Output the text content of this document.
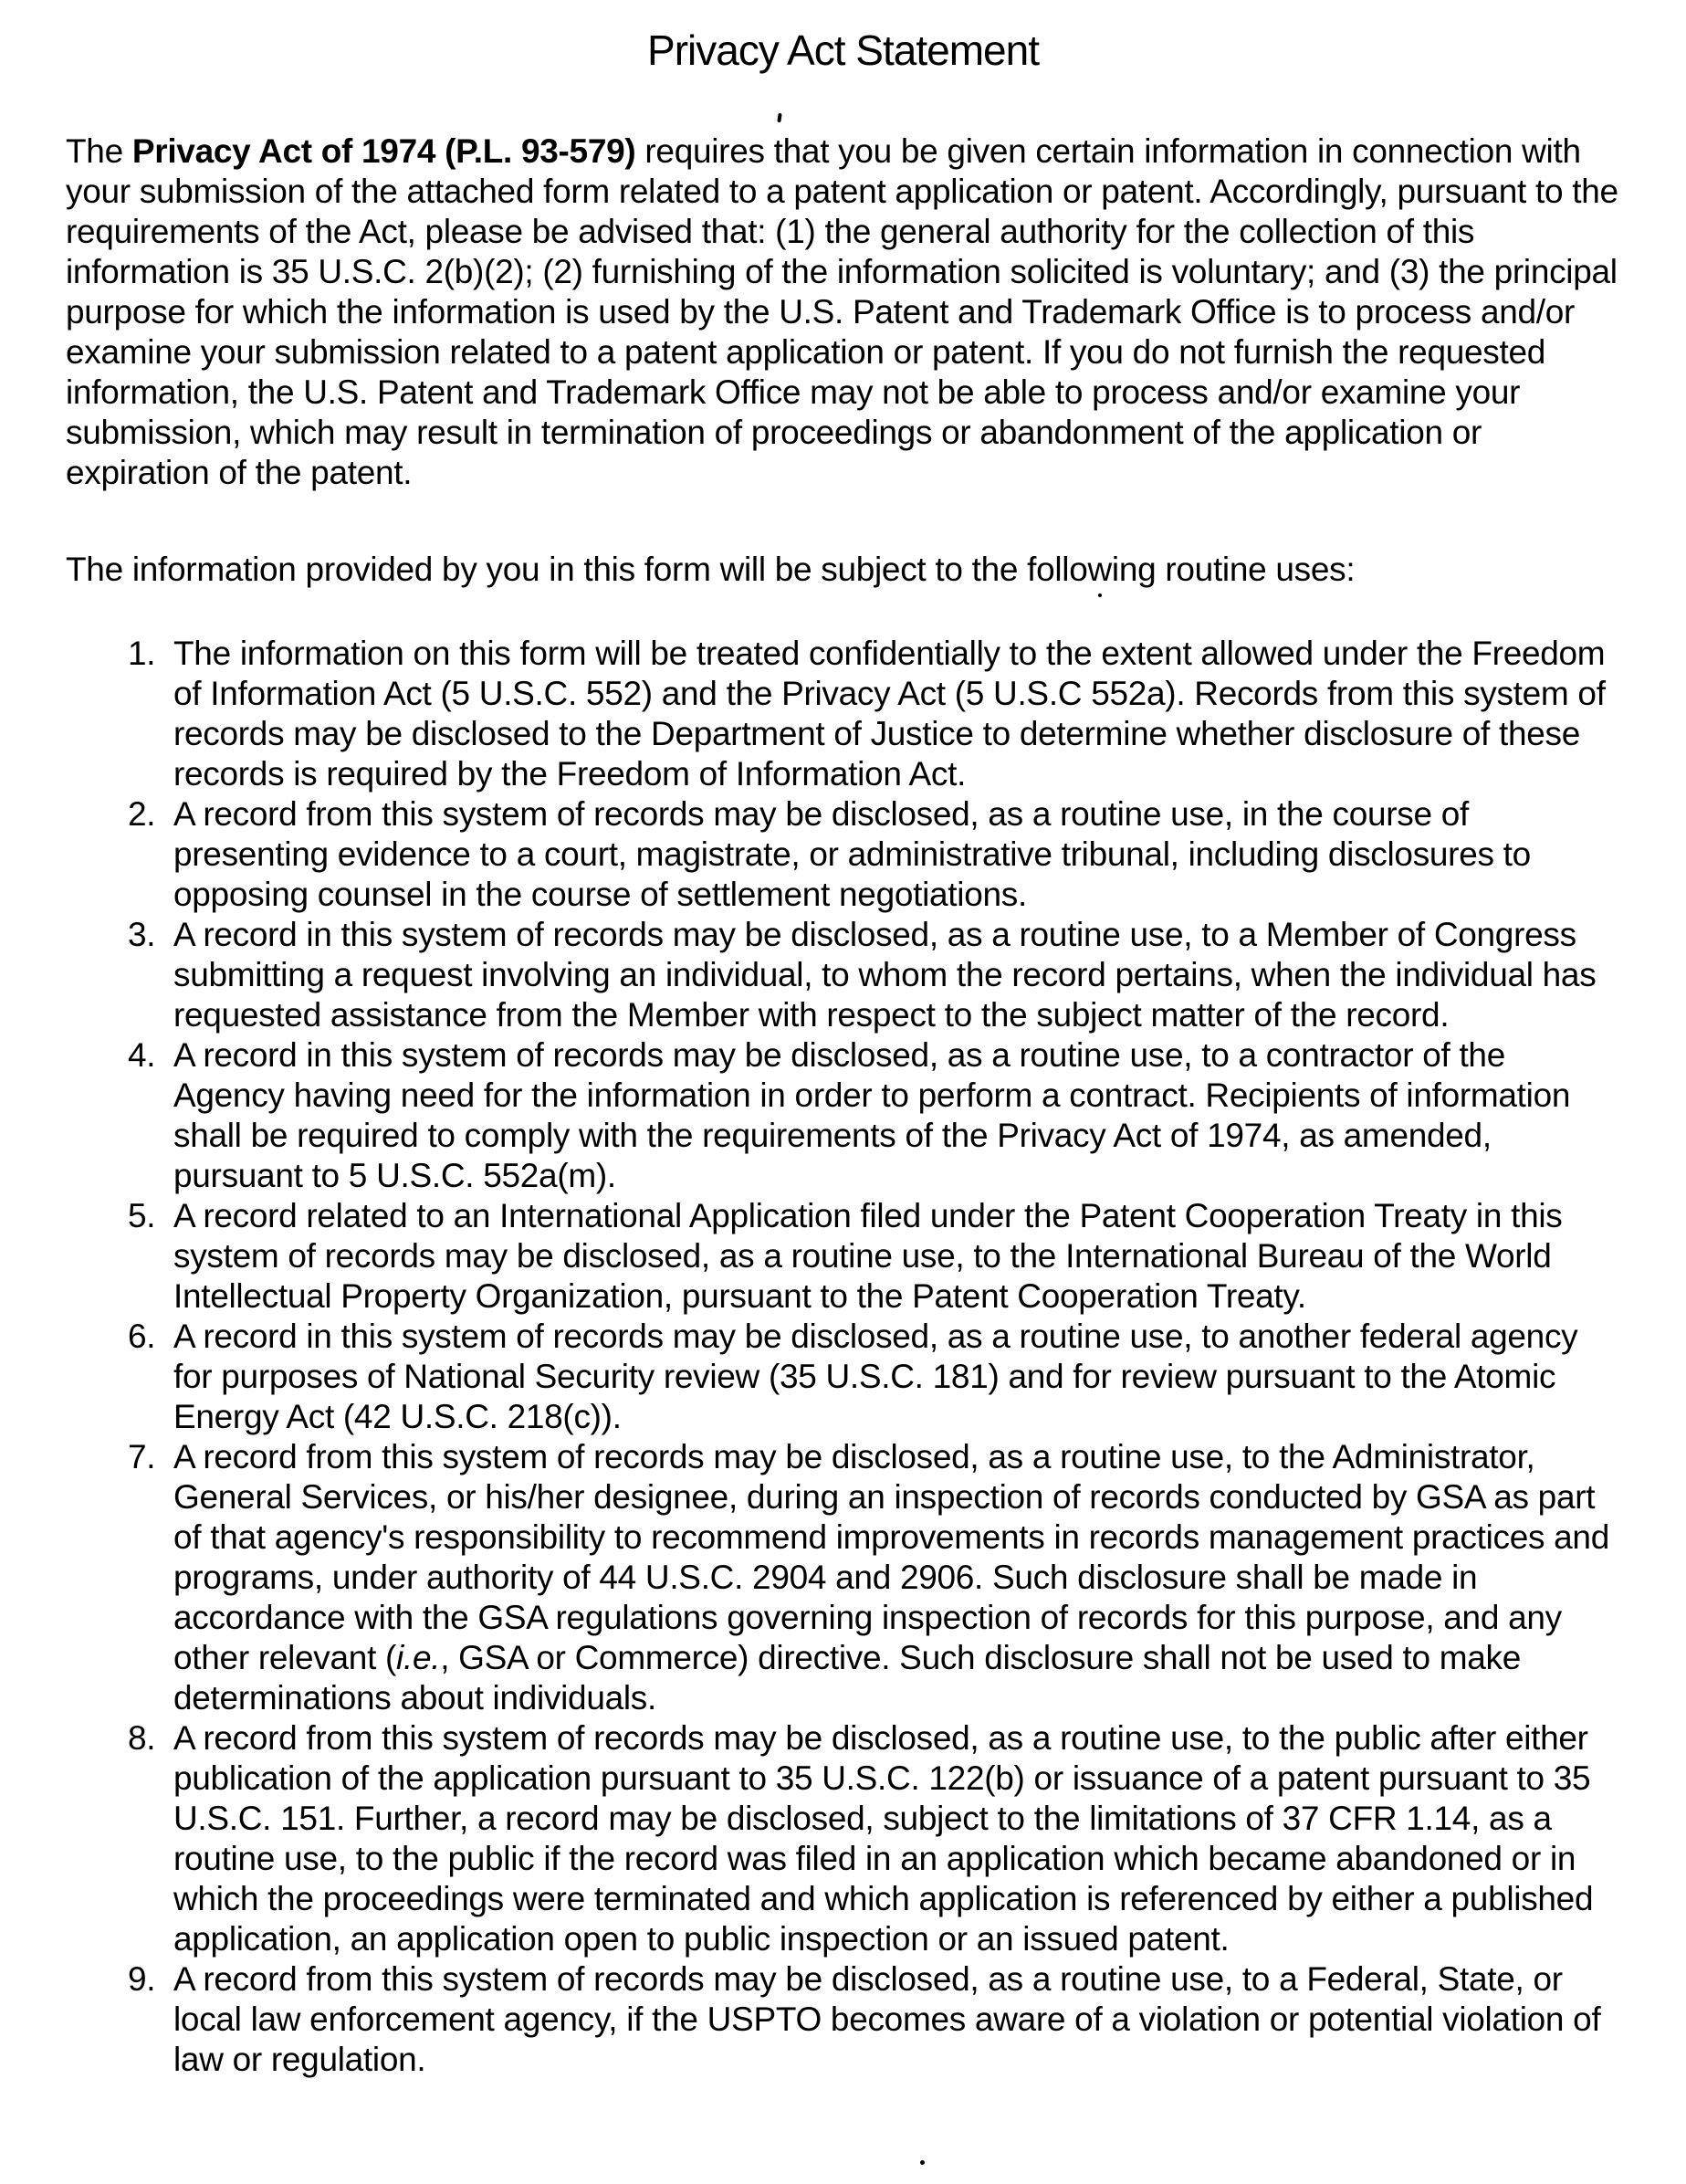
Privacy Act Statement
The Privacy Act of 1974 (P.L. 93-579) requires that you be given certain information in connection with your submission of the attached form related to a patent application or patent. Accordingly, pursuant to the requirements of the Act, please be advised that: (1) the general authority for the collection of this information is 35 U.S.C. 2(b)(2); (2) furnishing of the information solicited is voluntary; and (3) the principal purpose for which the information is used by the U.S. Patent and Trademark Office is to process and/or examine your submission related to a patent application or patent. If you do not furnish the requested information, the U.S. Patent and Trademark Office may not be able to process and/or examine your submission, which may result in termination of proceedings or abandonment of the application or expiration of the patent.
The information provided by you in this form will be subject to the following routine uses:
1. The information on this form will be treated confidentially to the extent allowed under the Freedom of Information Act (5 U.S.C. 552) and the Privacy Act (5 U.S.C 552a). Records from this system of records may be disclosed to the Department of Justice to determine whether disclosure of these records is required by the Freedom of Information Act.
2. A record from this system of records may be disclosed, as a routine use, in the course of presenting evidence to a court, magistrate, or administrative tribunal, including disclosures to opposing counsel in the course of settlement negotiations.
3. A record in this system of records may be disclosed, as a routine use, to a Member of Congress submitting a request involving an individual, to whom the record pertains, when the individual has requested assistance from the Member with respect to the subject matter of the record.
4. A record in this system of records may be disclosed, as a routine use, to a contractor of the Agency having need for the information in order to perform a contract. Recipients of information shall be required to comply with the requirements of the Privacy Act of 1974, as amended, pursuant to 5 U.S.C. 552a(m).
5. A record related to an International Application filed under the Patent Cooperation Treaty in this system of records may be disclosed, as a routine use, to the International Bureau of the World Intellectual Property Organization, pursuant to the Patent Cooperation Treaty.
6. A record in this system of records may be disclosed, as a routine use, to another federal agency for purposes of National Security review (35 U.S.C. 181) and for review pursuant to the Atomic Energy Act (42 U.S.C. 218(c)).
7. A record from this system of records may be disclosed, as a routine use, to the Administrator, General Services, or his/her designee, during an inspection of records conducted by GSA as part of that agency's responsibility to recommend improvements in records management practices and programs, under authority of 44 U.S.C. 2904 and 2906. Such disclosure shall be made in accordance with the GSA regulations governing inspection of records for this purpose, and any other relevant (i.e., GSA or Commerce) directive. Such disclosure shall not be used to make determinations about individuals.
8. A record from this system of records may be disclosed, as a routine use, to the public after either publication of the application pursuant to 35 U.S.C. 122(b) or issuance of a patent pursuant to 35 U.S.C. 151. Further, a record may be disclosed, subject to the limitations of 37 CFR 1.14, as a routine use, to the public if the record was filed in an application which became abandoned or in which the proceedings were terminated and which application is referenced by either a published application, an application open to public inspection or an issued patent.
9. A record from this system of records may be disclosed, as a routine use, to a Federal, State, or local law enforcement agency, if the USPTO becomes aware of a violation or potential violation of law or regulation.
